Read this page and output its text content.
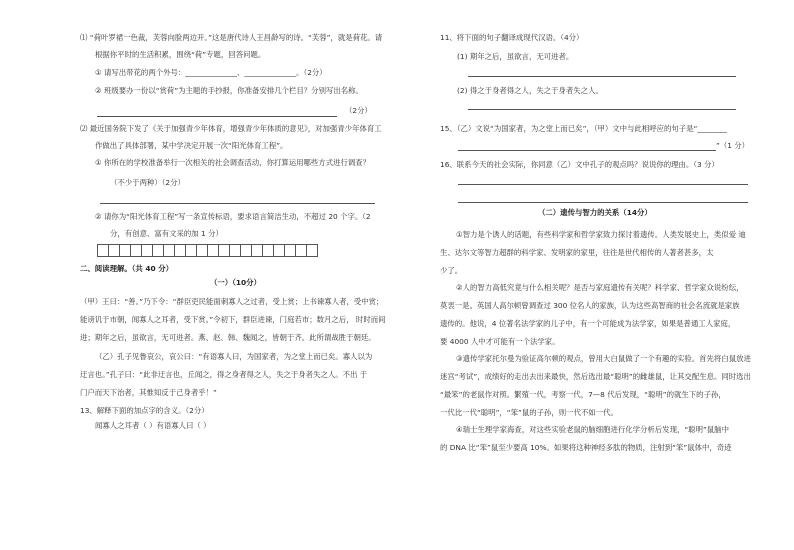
⑴ “荷叶罗裙一色裁，芙蓉向脸两边开。”这是唐代诗人王昌龄写的诗。“芙蓉”，就是荷花。请
根据你平时的生活积累，围绕“荷”专题，回答问题。
① 请写出带花的两个外号：______________、______________。（2分）
② 班级要办一份以“赏荷”为主题的手抄报，你准备安排几个栏目？分别写出名称。
（2分）
⑵ 最近国务院下发了《关于加强青少年体育，增强青少年体质的意见》，对加强青少年体育工
作做出了具体部署，某中学决定开展一次“阳光体育工程”。
① 你所在的学校准备举行一次相关的社会调查活动，你打算运用哪些方式进行调查？
（不少于两种）（2分）
② 请你为“阳光体育工程”写一条宣传标语，要求语言简洁生动，不超过 20 个字。（2
分，有创意、富有文采的加 1 分）
二、阅读理解。（共 40 分）
（一）（10分）
（甲）王曰：“善。”乃下令：“群臣吏民能面刺寡人之过者，受上赏；上书谏寡人者，受中赏；
能谤讥于市朝，闻寡人之耳者，受下赏。”令初下，群臣进谏，门庭若市；数月之后， 时时而间
进；期年之后，虽欲言，无可进者。燕、赵、韩、魏闻之，皆朝于齐。此所谓战胜于朝廷。
（乙）孔子见鲁哀公，哀公曰：“有语寡人曰，为国家者，为之堂上而已矣。寡人以为
迂言也。”孔子曰：“此非迂言也，丘闻之，得之身者得之人，失之于身者失之人。不出 于
门户而天下治者，其惟知反于己身者乎！”
13、解释下面的加点字的含义。（2分）
闻寡人之耳者（ ）有语寡人曰（ ）
11、将下面的句子翻译成现代汉语。（4分）
(1) 期年之后，虽欲言，无可进者。
(2) 得之于身者得之人，失之于身者失之人。
15、（乙）文说“为国家者，为之堂上而已矣”，（甲）文中与此相呼应的句子是“________
”（1 分）
16、联系今天的社会实际，你同意（乙）文中孔子的观点吗？说说你的理由。（3 分）
（二）遗传与智力的关系（14分）
①智力是个诱人的话题，有些科学家和哲学家致力探讨着遗传。人类发展史上，类似爱 迪
生、达尔文等智力超群的科学家、发明家的家里，往往是世代相传的人著者甚多，太
少了。
②人的智力高低究竟与什么相关呢？是否与家庭遗传有关呢？科学家、哲学家众说纷纭，
莫衷一是。英国人高尔顿曾调查过 300 位名人的家族，认为这些高智商的社会名流就是家族
遗传的。他说，4 位著名法学家的儿子中，有一个可能成为法学家，如果是普通工人家庭，
要 4000 人中才可能有一个法学家。
③遗传学家托尔曼为验证高尔顿的观点，曾用大白鼠做了一个有趣的实验。首先将白鼠放进
迷宫“考试”，成绩好的走出去出来最快，然后选出最“聪明”的雌雄鼠，让其交配生息。同时选出
“最笨”的老鼠作对照。繁殖一代，考察一代，7—8 代后发现，“聪明”的就生下的子孙，
一代比一代“聪明”，“笨”鼠的子孙，则一代不如一代。
④瑞士生理学家海查，对这些实验老鼠的脑细胞进行化学分析后发现，“聪明”鼠脑中
的 DNA 比“笨”鼠至少要高 10%。如果将这种神经多肽的物质，注射到“笨”鼠体中，奇迹
